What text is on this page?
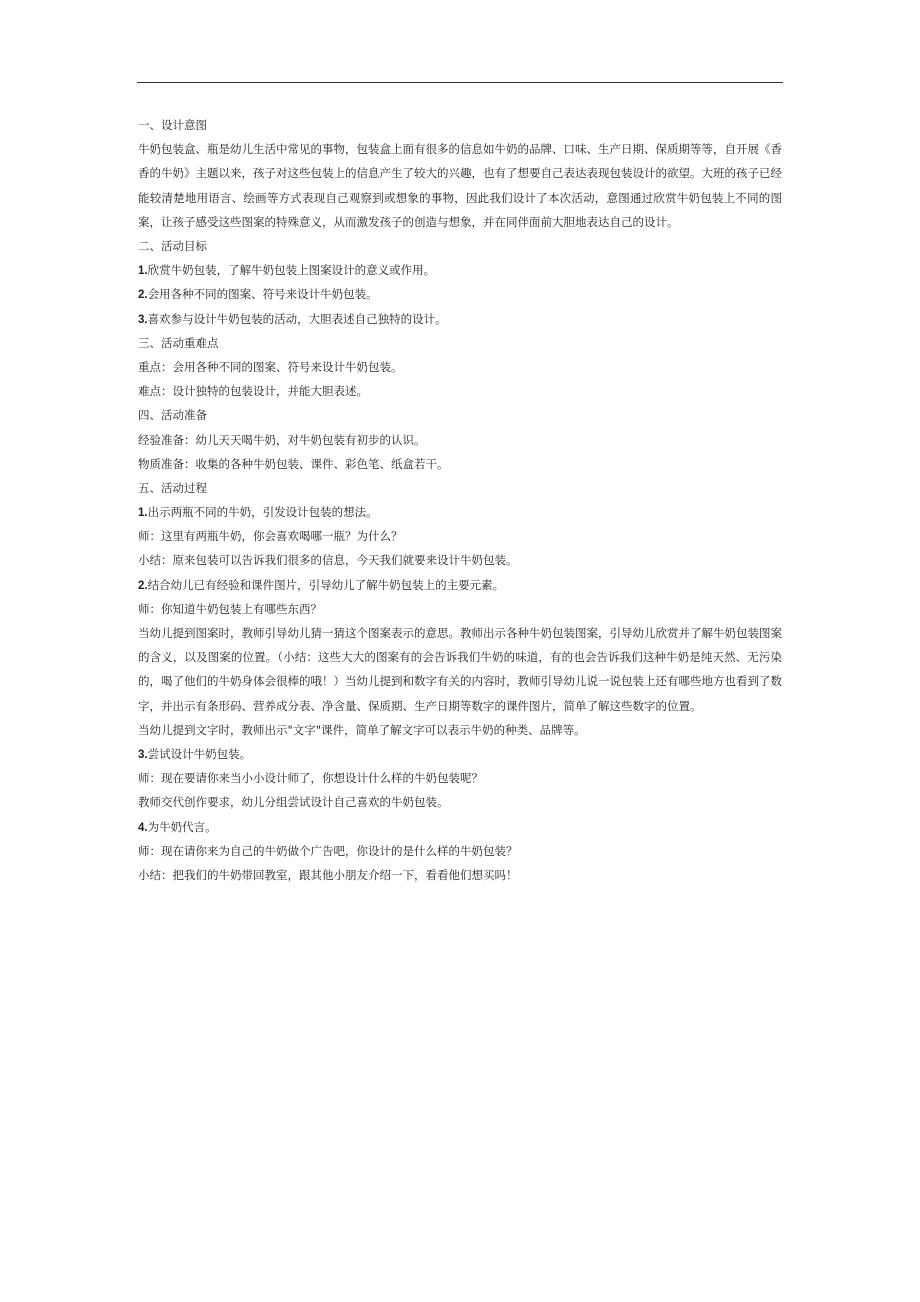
一、设计意图
牛奶包装盒、瓶是幼儿生活中常见的事物，包装盒上面有很多的信息如牛奶的品牌、口味、生产日期、保质期等等，自开展《香香的牛奶》主题以来，孩子对这些包装上的信息产生了较大的兴趣，也有了想要自己表达表现包装设计的欲望。大班的孩子已经能较清楚地用语言、绘画等方式表现自己观察到或想象的事物，因此我们设计了本次活动，意图通过欣赏牛奶包装上不同的图案，让孩子感受这些图案的特殊意义，从而激发孩子的创造与想象，并在同伴面前大胆地表达自己的设计。
二、活动目标
1.欣赏牛奶包装，了解牛奶包装上图案设计的意义或作用。
2.会用各种不同的图案、符号来设计牛奶包装。
3.喜欢参与设计牛奶包装的活动，大胆表述自己独特的设计。
三、活动重难点
重点：会用各种不同的图案、符号来设计牛奶包装。
难点：设计独特的包装设计，并能大胆表述。
四、活动准备
经验准备：幼儿天天喝牛奶，对牛奶包装有初步的认识。
物质准备：收集的各种牛奶包装、课件、彩色笔、纸盒若干。
五、活动过程
1.出示两瓶不同的牛奶，引发设计包装的想法。
师：这里有两瓶牛奶，你会喜欢喝哪一瓶？为什么？
小结：原来包装可以告诉我们很多的信息，今天我们就要来设计牛奶包装。
2.结合幼儿已有经验和课件图片，引导幼儿了解牛奶包装上的主要元素。
师：你知道牛奶包装上有哪些东西？
当幼儿提到图案时，教师引导幼儿猜一猜这个图案表示的意思。教师出示各种牛奶包装图案，引导幼儿欣赏并了解牛奶包装图案的含义，以及图案的位置。（小结：这些大大的图案有的会告诉我们牛奶的味道，有的也会告诉我们这种牛奶是纯天然、无污染的，喝了他们的牛奶身体会很棒的哦！）当幼儿提到和数字有关的内容时，教师引导幼儿说一说包装上还有哪些地方也看到了数字，并出示有条形码、营养成分表、净含量、保质期、生产日期等数字的课件图片，简单了解这些数字的位置。
当幼儿提到文字时，教师出示"文字"课件，简单了解文字可以表示牛奶的种类、品牌等。
3.尝试设计牛奶包装。
师：现在要请你来当小小设计师了，你想设计什么样的牛奶包装呢？
教师交代创作要求，幼儿分组尝试设计自己喜欢的牛奶包装。
4.为牛奶代言。
师：现在请你来为自己的牛奶做个广告吧，你设计的是什么样的牛奶包装？
小结：把我们的牛奶带回教室，跟其他小朋友介绍一下，看看他们想买吗！
